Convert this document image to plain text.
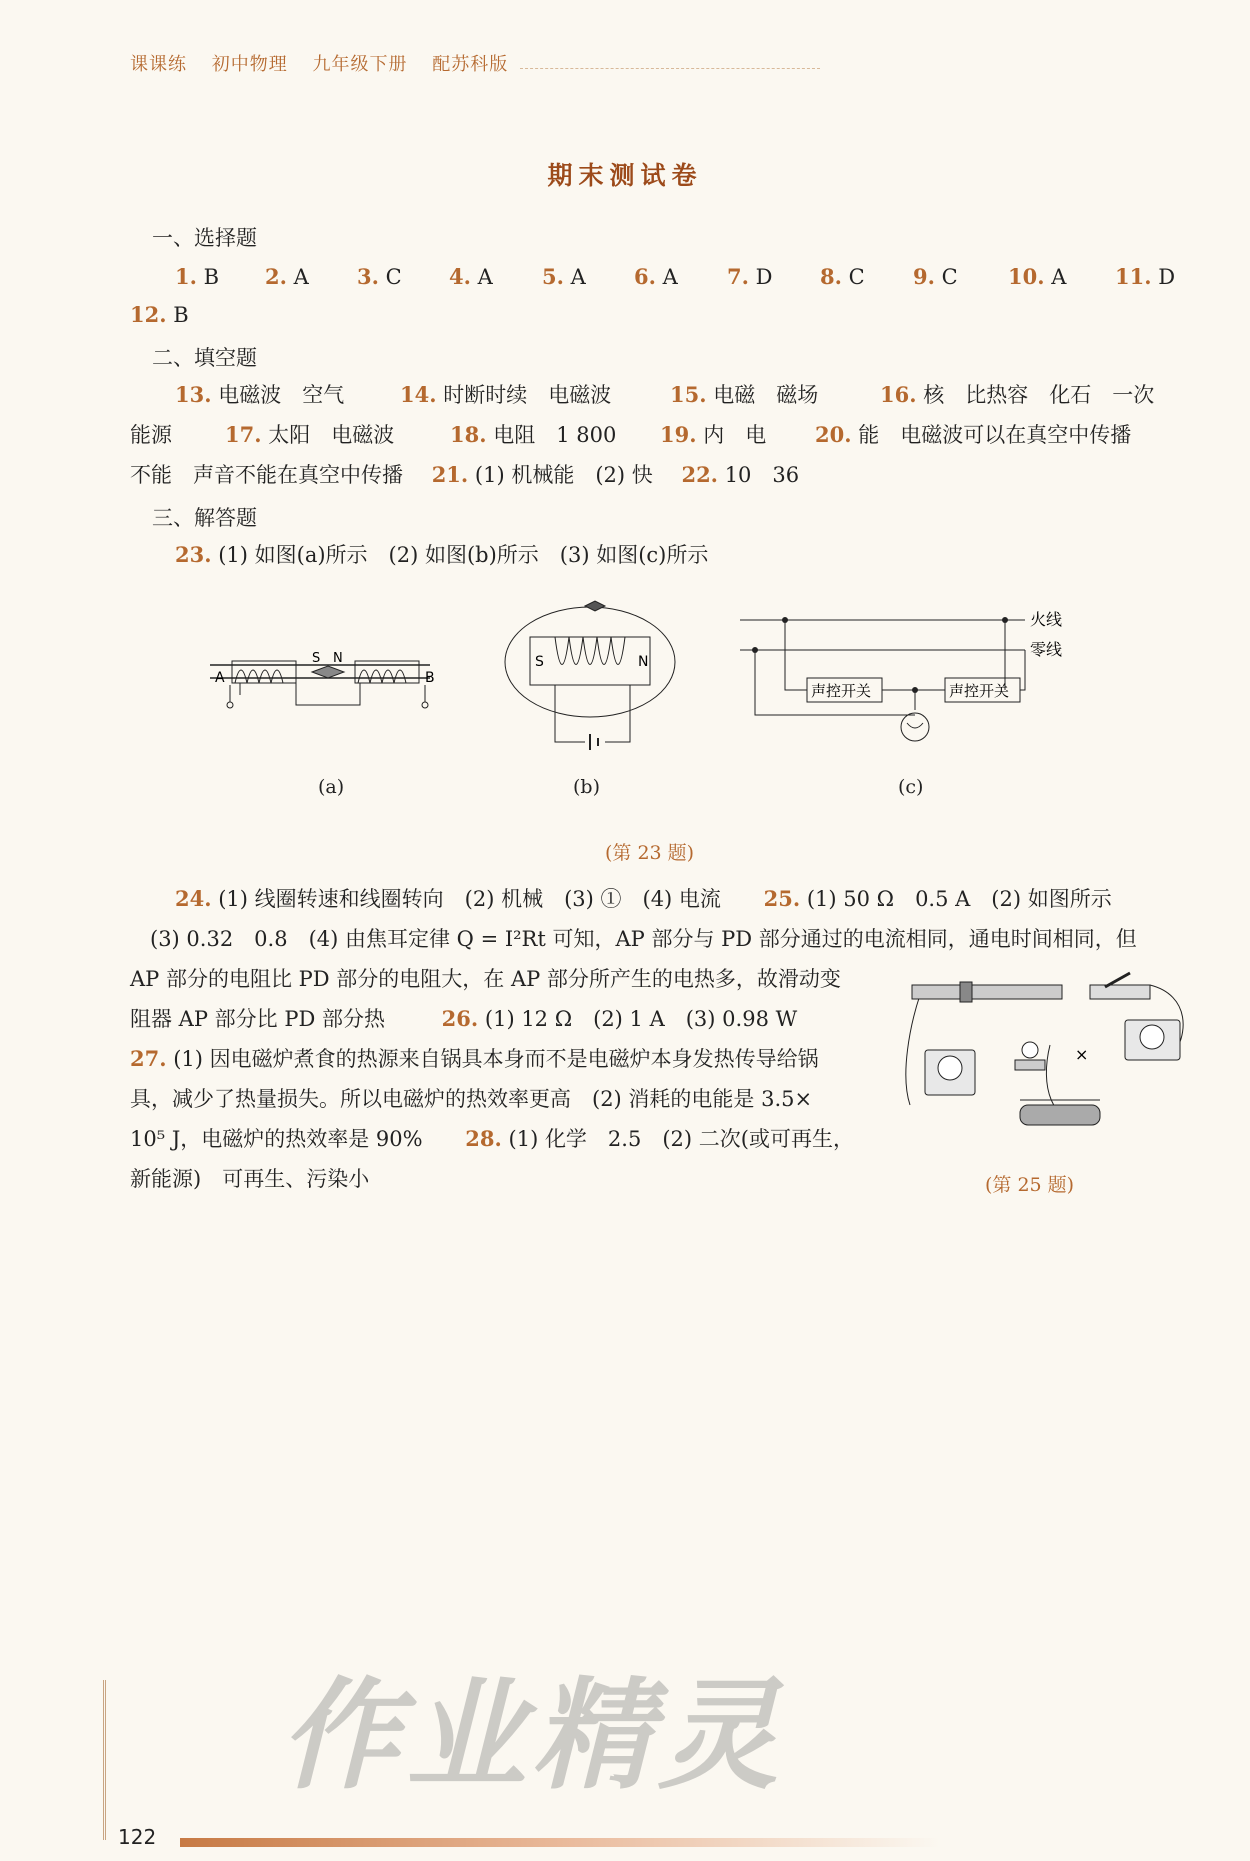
课课练 初中物理 九年级下册 配苏科版
期末测试卷
一、选择题
1. B 2. A 3. C 4. A 5. A 6. A 7. D 8. C 9. C 10. A 11. D
12. B
二、填空题
13. 电磁波　空气	14. 时断时续　电磁波	15. 电磁　磁场	16. 核　比热容　化石　一次
能源	17. 太阳　电磁波	18. 电阻　1 800 19. 内　电 20. 能　电磁波可以在真空中传播
不能　声音不能在真空中传播 21. (1) 机械能　(2) 快 22. 10　36
三、解答题
23. (1) 如图(a)所示　(2) 如图(b)所示　(3) 如图(c)所示
S N
A	B
(a)
S	N
(b)
火线
零线
声控开关	声控开关
(c)
(第 23 题)
24. (1) 线圈转速和线圈转向　(2) 机械　(3) ①　(4) 电流 25. (1) 50 Ω　0.5 A　(2) 如图所示
(3) 0.32　0.8　(4) 由焦耳定律 Q = I²Rt 可知，AP 部分与 PD 部分通过的电流相同，通电时间相同，但
AP 部分的电阻比 PD 部分的电阻大，在 AP 部分所产生的电热多，故滑动变
阻器 AP 部分比 PD 部分热	26. (1) 12 Ω　(2) 1 A　(3) 0.98 W
27. (1) 因电磁炉煮食的热源来自锅具本身而不是电磁炉本身发热传导给锅
具，减少了热量损失。所以电磁炉的热效率更高　(2) 消耗的电能是 3.5×
10⁵ J，电磁炉的热效率是 90% 28. (1) 化学　2.5　(2) 二次(或可再生，
新能源)　可再生、污染小
×
(第 25 题)
作业精灵
122
